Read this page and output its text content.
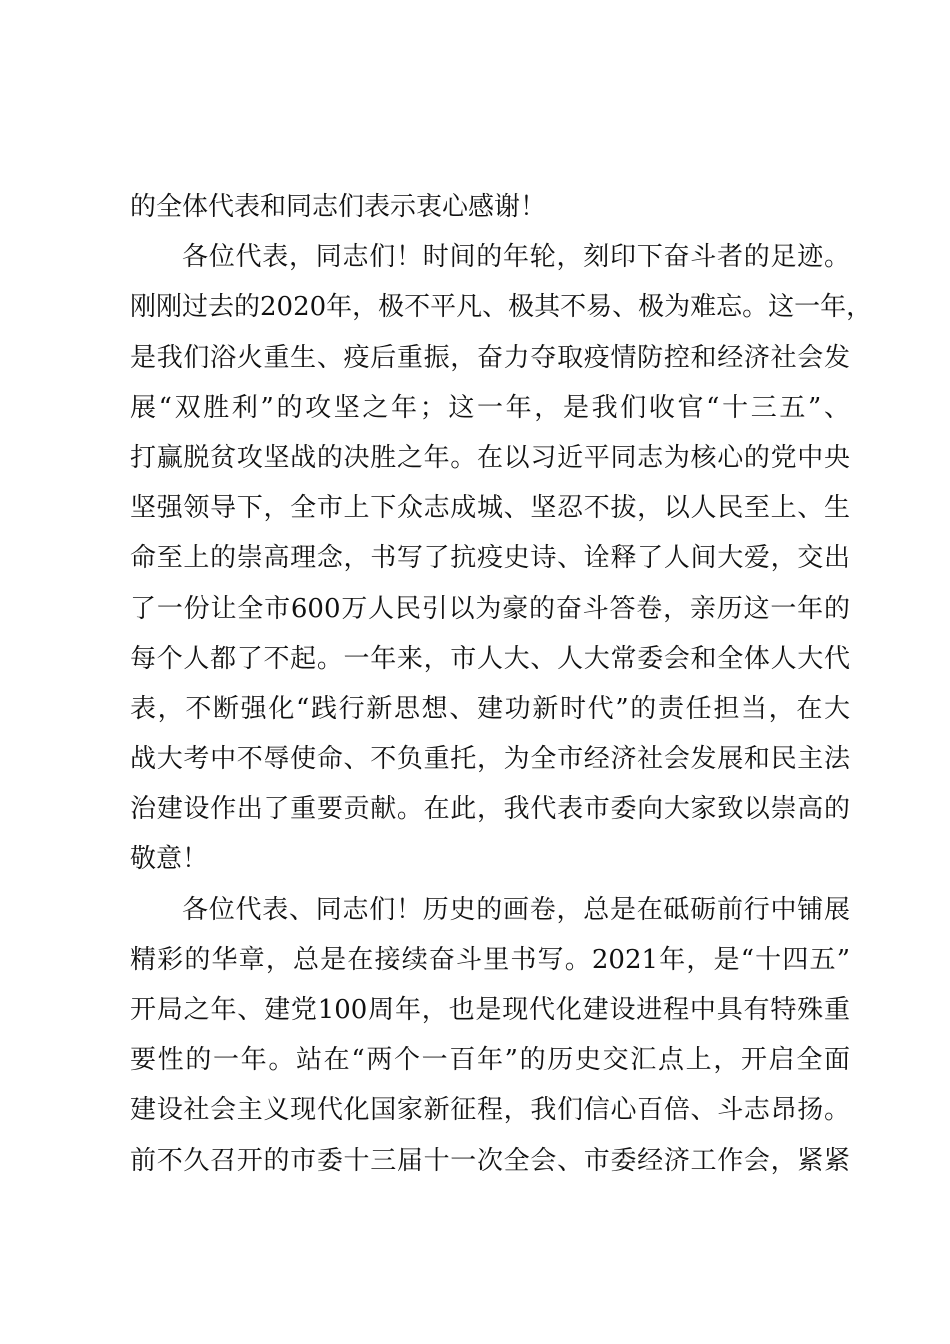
的全体代表和同志们表示衷心感谢！
各位代表，同志们！时间的年轮，刻印下奋斗者的足迹。
刚刚过去的2020年，极不平凡、极其不易、极为难忘。这一年，
是我们浴火重生、疫后重振，奋力夺取疫情防控和经济社会发
展“双胜利”的攻坚之年；这一年，是我们收官“十三五”、
打赢脱贫攻坚战的决胜之年。在以习近平同志为核心的党中央
坚强领导下，全市上下众志成城、坚忍不拔，以人民至上、生
命至上的崇高理念，书写了抗疫史诗、诠释了人间大爱，交出
了一份让全市600万人民引以为豪的奋斗答卷，亲历这一年的
每个人都了不起。一年来，市人大、人大常委会和全体人大代
表，不断强化“践行新思想、建功新时代”的责任担当，在大
战大考中不辱使命、不负重托，为全市经济社会发展和民主法
治建设作出了重要贡献。在此，我代表市委向大家致以崇高的
敬意！
各位代表、同志们！历史的画卷，总是在砥砺前行中铺展
精彩的华章，总是在接续奋斗里书写。2021年，是“十四五”
开局之年、建党100周年，也是现代化建设进程中具有特殊重
要性的一年。站在“两个一百年”的历史交汇点上，开启全面
建设社会主义现代化国家新征程，我们信心百倍、斗志昂扬。
前不久召开的市委十三届十一次全会、市委经济工作会，紧紧
